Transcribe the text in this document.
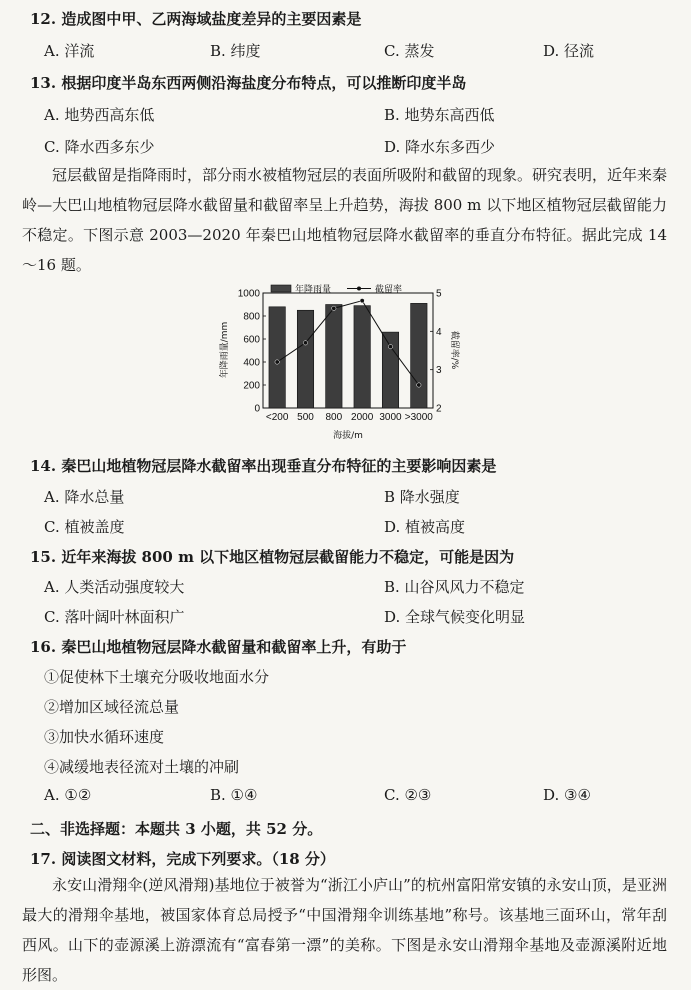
12. 造成图中甲、乙两海域盐度差异的主要因素是
A. 洋流	B. 纬度	C. 蒸发	D. 径流
13. 根据印度半岛东西两侧沿海盐度分布特点，可以推断印度半岛
A. 地势西高东低	B. 地势东高西低
C. 降水西多东少	D. 降水东多西少
冠层截留是指降雨时，部分雨水被植物冠层的表面所吸附和截留的现象。研究表明，近年来秦岭—大巴山地植物冠层降水截留量和截留率呈上升趋势，海拔 800 m 以下地区植物冠层截留能力不稳定。下图示意 2003—2020 年秦巴山地植物冠层降水截留率的垂直分布特征。据此完成 14～16 题。
年降雨量	截留率
0
200
400
600
800
1000
2
3
4
5
<200 500 800 2000 3000 >3000
年降雨量/mm	截留率/%
海拔/m
14. 秦巴山地植物冠层降水截留率出现垂直分布特征的主要影响因素是
A. 降水总量	B 降水强度
C. 植被盖度	D. 植被高度
15. 近年来海拔 800 m 以下地区植物冠层截留能力不稳定，可能是因为
A. 人类活动强度较大	B. 山谷风风力不稳定
C. 落叶阔叶林面积广	D. 全球气候变化明显
16. 秦巴山地植物冠层降水截留量和截留率上升，有助于
①促使林下土壤充分吸收地面水分
②增加区域径流总量
③加快水循环速度
④减缓地表径流对土壤的冲刷
A. ①②	B. ①④	C. ②③	D. ③④
二、非选择题：本题共 3 小题，共 52 分。
17. 阅读图文材料，完成下列要求。（18 分）
永安山滑翔伞(逆风滑翔)基地位于被誉为“浙江小庐山”的杭州富阳常安镇的永安山顶，是亚洲最大的滑翔伞基地，被国家体育总局授予“中国滑翔伞训练基地”称号。该基地三面环山，常年刮西风。山下的壶源溪上游漂流有“富春第一漂”的美称。下图是永安山滑翔伞基地及壶源溪附近地形图。
